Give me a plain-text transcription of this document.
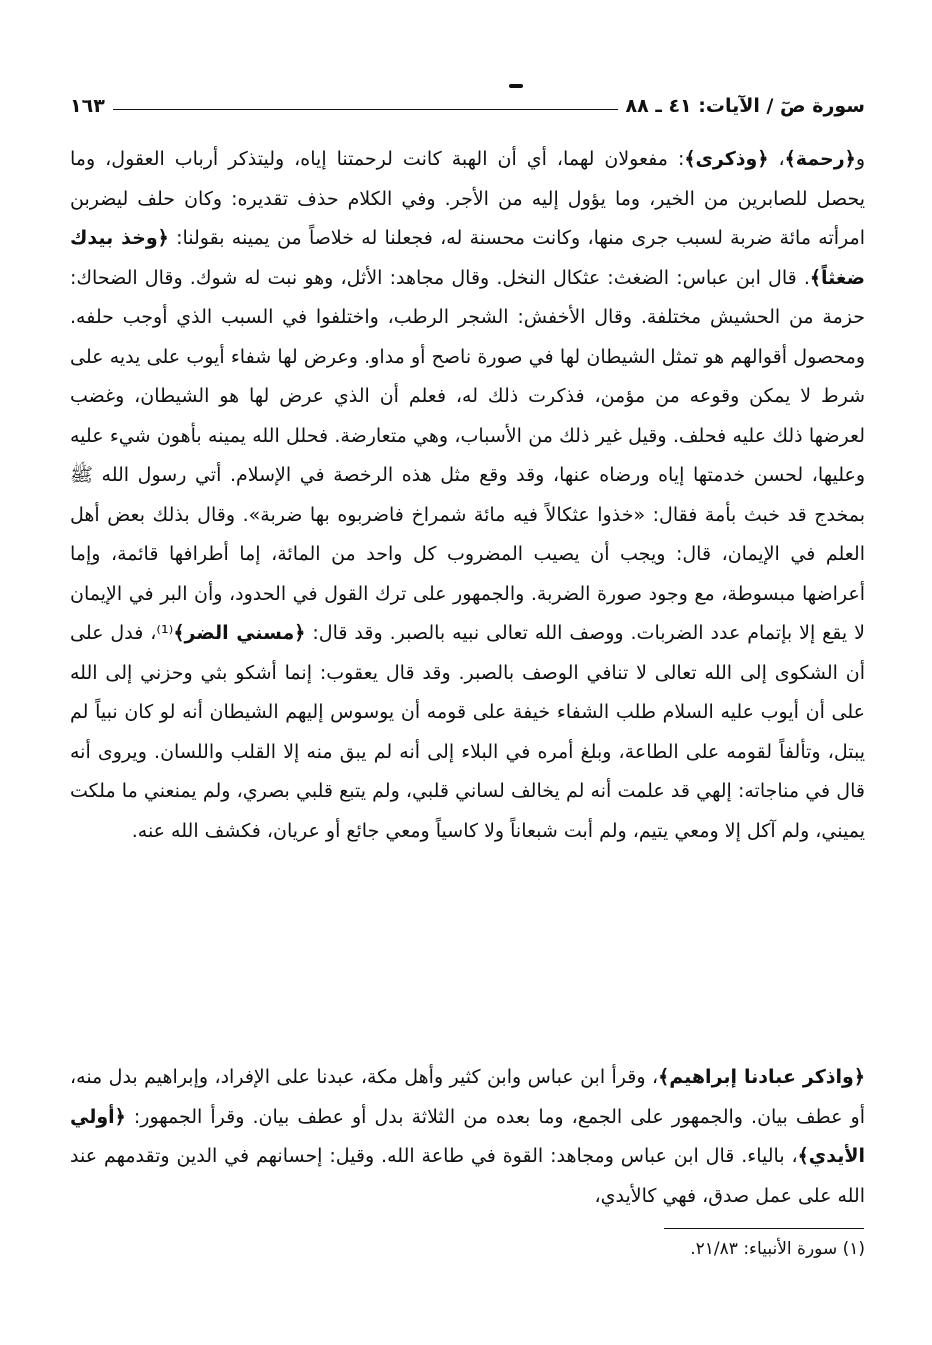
سورة صٓ / الآيات: ٤١ ـ ٨٨
١٦٣

و﴿رحمة﴾، ﴿وذكرى﴾: مفعولان لهما، أي أن الهبة كانت لرحمتنا إياه، وليتذكر أرباب العقول، وما يحصل للصابرين من الخير، وما يؤول إليه من الأجر. وفي الكلام حذف تقديره: وكان حلف ليضربن امرأته مائة ضربة لسبب جرى منها، وكانت محسنة له، فجعلنا له خلاصاً من يمينه بقولنا: ﴿وخذ بيدك ضغثاً﴾. قال ابن عباس: الضغث: عثكال النخل. وقال مجاهد: الأثل، وهو نبت له شوك. وقال الضحاك: حزمة من الحشيش مختلفة. وقال الأخفش: الشجر الرطب، واختلفوا في السبب الذي أوجب حلفه. ومحصول أقوالهم هو تمثل الشيطان لها في صورة ناصح أو مداو. وعرض لها شفاء أيوب على يديه على شرط لا يمكن وقوعه من مؤمن، فذكرت ذلك له، فعلم أن الذي عرض لها هو الشيطان، وغضب لعرضها ذلك عليه فحلف. وقيل غير ذلك من الأسباب، وهي متعارضة. فحلل الله يمينه بأهون شيء عليه وعليها، لحسن خدمتها إياه ورضاه عنها، وقد وقع مثل هذه الرخصة في الإسلام. أتي رسول الله ﷺ بمخدج قد خبث بأمة فقال: «خذوا عثكالاً فيه مائة شمراخ فاضربوه بها ضربة». وقال بذلك بعض أهل العلم في الإيمان، قال: ويجب أن يصيب المضروب كل واحد من المائة، إما أطرافها قائمة، وإما أعراضها مبسوطة، مع وجود صورة الضربة. والجمهور على ترك القول في الحدود، وأن البر في الإيمان لا يقع إلا بإتمام عدد الضربات. ووصف الله تعالى نبيه بالصبر. وقد قال: ﴿مسني الضر﴾⁽¹⁾، فدل على أن الشكوى إلى الله تعالى لا تنافي الوصف بالصبر. وقد قال يعقوب: إنما أشكو بثي وحزني إلى الله على أن أيوب عليه السلام طلب الشفاء خيفة على قومه أن يوسوس إليهم الشيطان أنه لو كان نبياً لم يبتل، وتألفاً لقومه على الطاعة، وبلغ أمره في البلاء إلى أنه لم يبق منه إلا القلب واللسان. ويروى أنه قال في مناجاته: إلهي قد علمت أنه لم يخالف لساني قلبي، ولم يتبع قلبي بصري، ولم يمنعني ما ملكت يميني، ولم آكل إلا ومعي يتيم، ولم أبت شبعاناً ولا كاسياً ومعي جائع أو عريان، فكشف الله عنه.

﴿واذكر عبادنا إبراهيم﴾، وقرأ ابن عباس وابن كثير وأهل مكة، عبدنا على الإفراد، وإبراهيم بدل منه، أو عطف بيان. والجمهور على الجمع، وما بعده من الثلاثة بدل أو عطف بيان. وقرأ الجمهور: ﴿أولي الأيدي﴾، بالياء. قال ابن عباس ومجاهد: القوة في طاعة الله. وقيل: إحسانهم في الدين وتقدمهم عند الله على عمل صدق، فهي كالأيدي،

(١) سورة الأنبياء: ٢١/٨٣.
